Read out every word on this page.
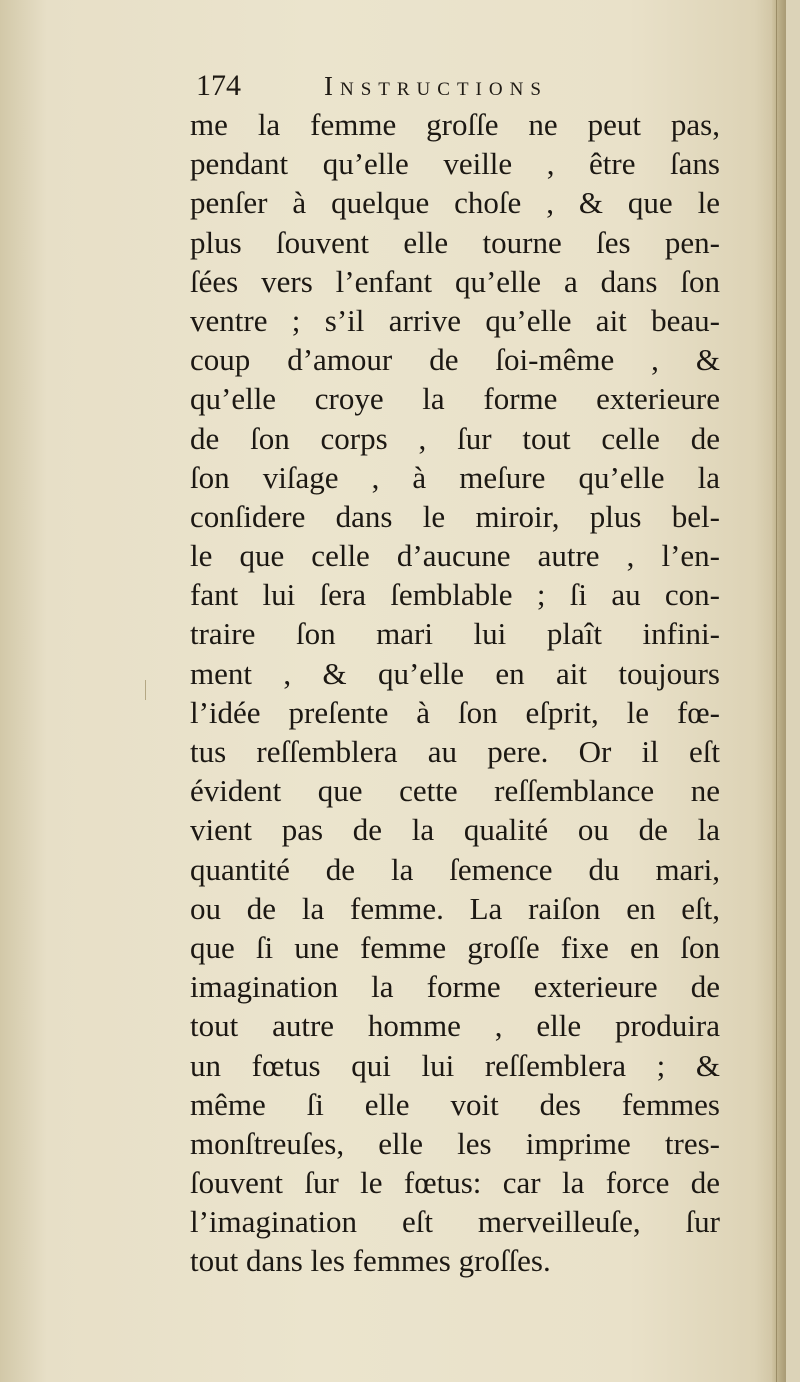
174	Instructions
me la femme groſſe ne peut pas,
pendant qu’elle veille , être ſans
penſer à quelque choſe , & que le
plus ſouvent elle tourne ſes pen-
ſées vers l’enfant qu’elle a dans ſon
ventre ; s’il arrive qu’elle ait beau-
coup d’amour de ſoi-même , &
qu’elle croye la forme exterieure
de ſon corps , ſur tout celle de
ſon viſage , à meſure qu’elle la
conſidere dans le miroir, plus bel-
le que celle d’aucune autre , l’en-
fant lui ſera ſemblable ; ſi au con-
traire ſon mari lui plaît infini-
ment , & qu’elle en ait toujours
l’idée preſente à ſon eſprit, le fœ-
tus reſſemblera au pere. Or il eſt
évident que cette reſſemblance ne
vient pas de la qualité ou de la
quantité de la ſemence du mari,
ou de la femme. La raiſon en eſt,
que ſi une femme groſſe fixe en ſon
imagination la forme exterieure de
tout autre homme , elle produira
un fœtus qui lui reſſemblera ; &
même ſi elle voit des femmes
monſtreuſes, elle les imprime tres-
ſouvent ſur le fœtus: car la force de
l’imagination eſt merveilleuſe, ſur
tout dans les femmes groſſes.
